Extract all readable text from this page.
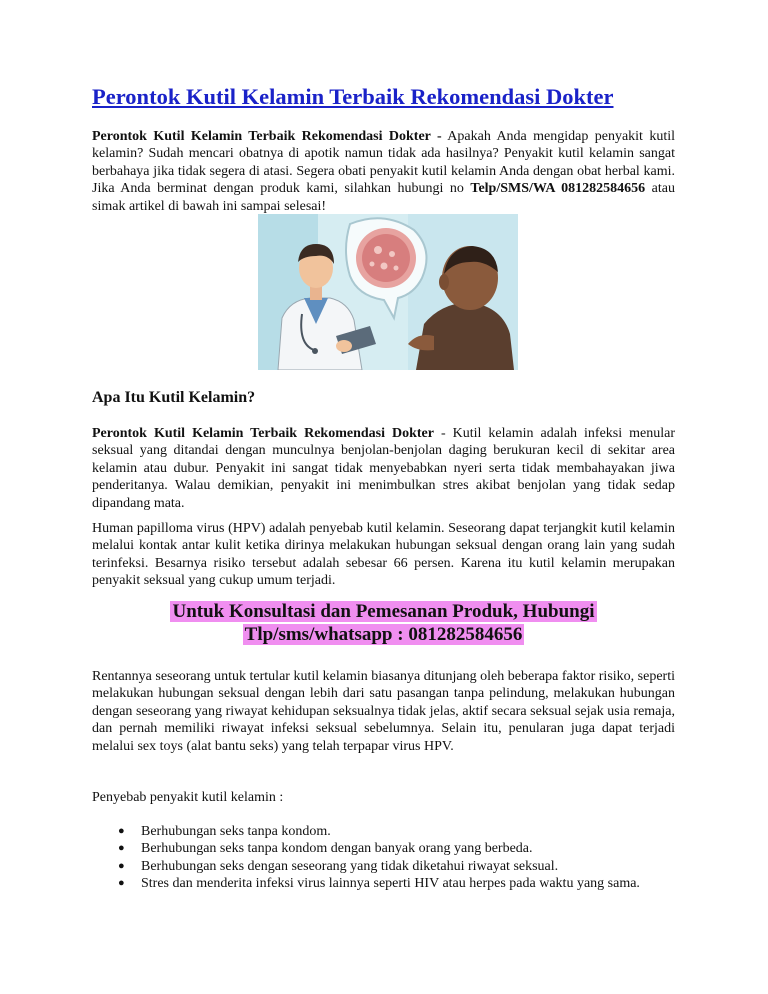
Perontok Kutil Kelamin Terbaik Rekomendasi Dokter

Perontok Kutil Kelamin Terbaik Rekomendasi Dokter - Apakah Anda mengidap penyakit kutil kelamin? Sudah mencari obatnya di apotik namun tidak ada hasilnya? Penyakit kutil kelamin sangat berbahaya jika tidak segera di atasi. Segera obati penyakit kutil kelamin Anda dengan obat herbal kami. Jika Anda berminat dengan produk kami, silahkan hubungi no Telp/SMS/WA 081282584656 atau simak artikel di bawah ini sampai selesai!

Apa Itu Kutil Kelamin?

Perontok Kutil Kelamin Terbaik Rekomendasi Dokter - Kutil kelamin adalah infeksi menular seksual yang ditandai dengan munculnya benjolan-benjolan daging berukuran kecil di sekitar area kelamin atau dubur. Penyakit ini sangat tidak menyebabkan nyeri serta tidak membahayakan jiwa penderitanya. Walau demikian, penyakit ini menimbulkan stres akibat benjolan yang tidak sedap dipandang mata.

Human papilloma virus (HPV) adalah penyebab kutil kelamin. Seseorang dapat terjangkit kutil kelamin melalui kontak antar kulit ketika dirinya melakukan hubungan seksual dengan orang lain yang sudah terinfeksi. Besarnya risiko tersebut adalah sebesar 66 persen. Karena itu kutil kelamin merupakan penyakit seksual yang cukup umum terjadi.

Untuk Konsultasi dan Pemesanan Produk, Hubungi
Tlp/sms/whatsapp : 081282584656

Rentannya seseorang untuk tertular kutil kelamin biasanya ditunjang oleh beberapa faktor risiko, seperti melakukan hubungan seksual dengan lebih dari satu pasangan tanpa pelindung, melakukan hubungan dengan seseorang yang riwayat kehidupan seksualnya tidak jelas, aktif secara seksual sejak usia remaja, dan pernah memiliki riwayat infeksi seksual sebelumnya. Selain itu, penularan juga dapat terjadi melalui sex toys (alat bantu seks) yang telah terpapar virus HPV.

Penyebab penyakit kutil kelamin :

● Berhubungan seks tanpa kondom.
● Berhubungan seks tanpa kondom dengan banyak orang yang berbeda.
● Berhubungan seks dengan seseorang yang tidak diketahui riwayat seksual.
● Stres dan menderita infeksi virus lainnya seperti HIV atau herpes pada waktu yang sama.
